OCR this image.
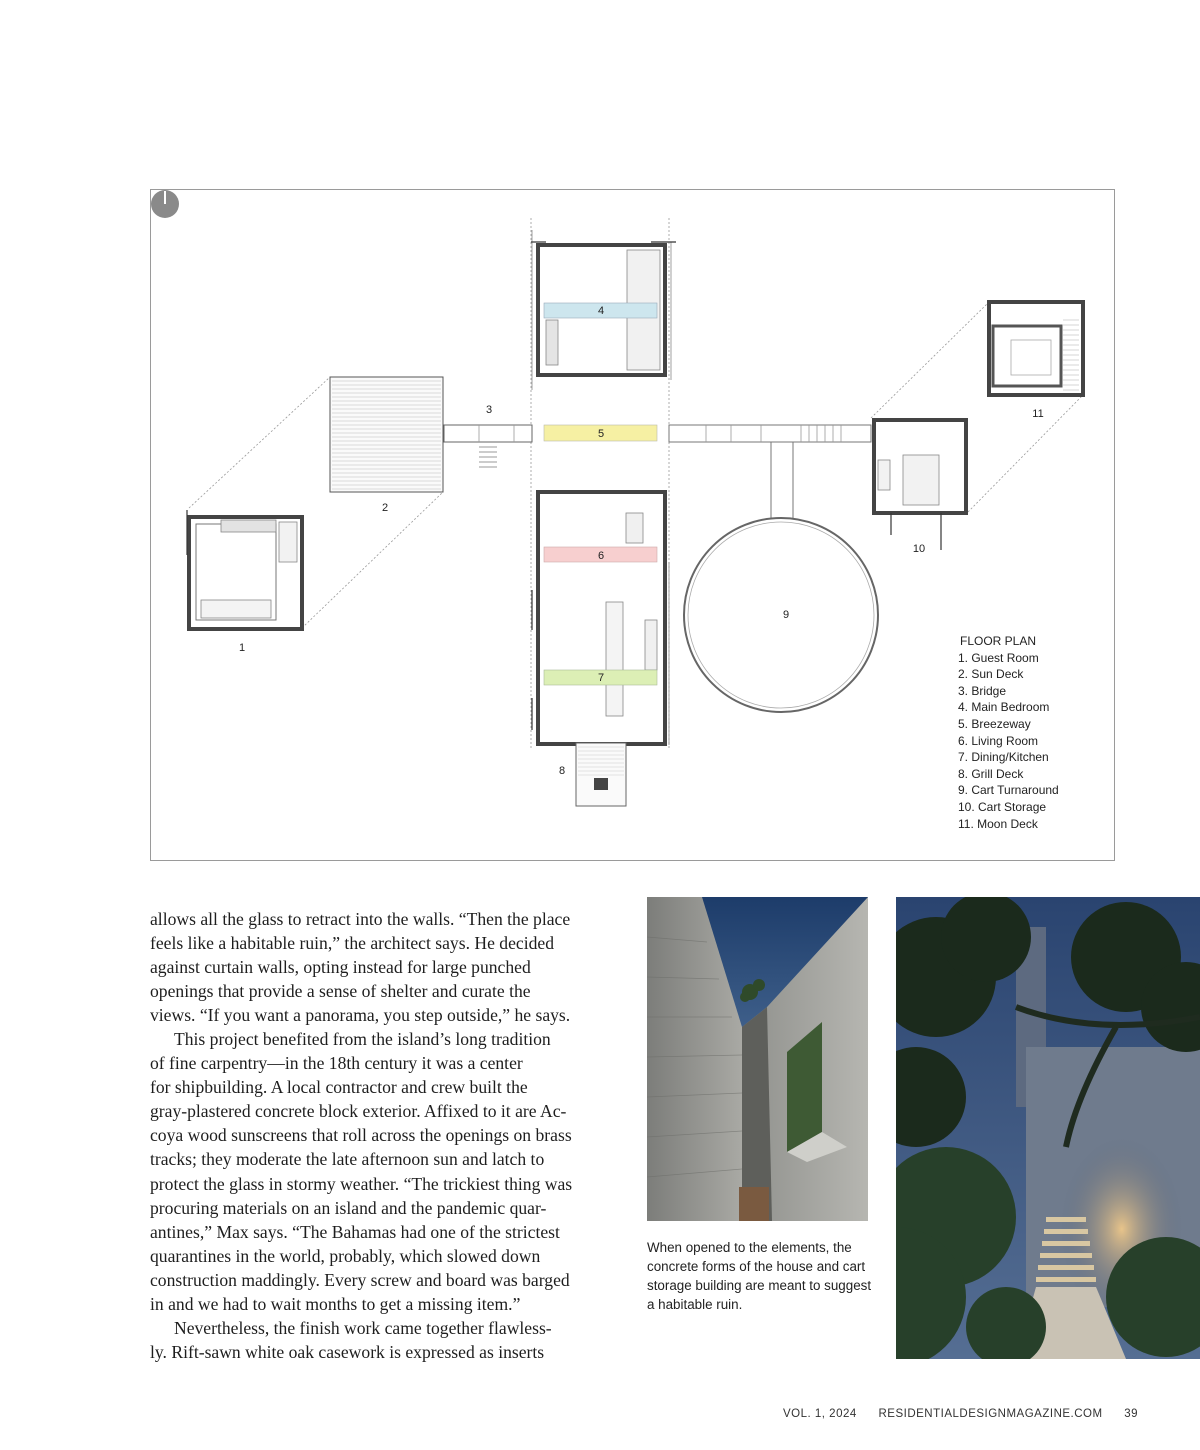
1
2
3
4
5
6
7
8
9
10
11
FLOOR PLAN
1. Guest Room
2. Sun Deck
3. Bridge
4. Main Bedroom
5. Breezeway
6. Living Room
7. Dining/Kitchen
8. Grill Deck
9. Cart Turnaround
10. Cart Storage
11. Moon Deck

allows all the glass to retract into the walls. “Then the place
feels like a habitable ruin,” the architect says. He decided
against curtain walls, opting instead for large punched
openings that provide a sense of shelter and curate the
views. “If you want a panorama, you step outside,” he says.

This project benefited from the island’s long tradition
of fine carpentry—in the 18th century it was a center
for shipbuilding. A local contractor and crew built the
gray-plastered concrete block exterior. Affixed to it are Ac-
coya wood sunscreens that roll across the openings on brass
tracks; they moderate the late afternoon sun and latch to
protect the glass in stormy weather. “The trickiest thing was
procuring materials on an island and the pandemic quar-
antines,” Max says. “The Bahamas had one of the strictest
quarantines in the world, probably, which slowed down
construction maddingly. Every screw and board was barged
in and we had to wait months to get a missing item.”

Nevertheless, the finish work came together flawless-
ly. Rift-sawn white oak casework is expressed as inserts

When opened to the elements, the concrete forms of the house and cart storage building are meant to suggest a habitable ruin.
VOL. 1, 2024 RESIDENTIALDESIGNMAGAZINE.COM 39
